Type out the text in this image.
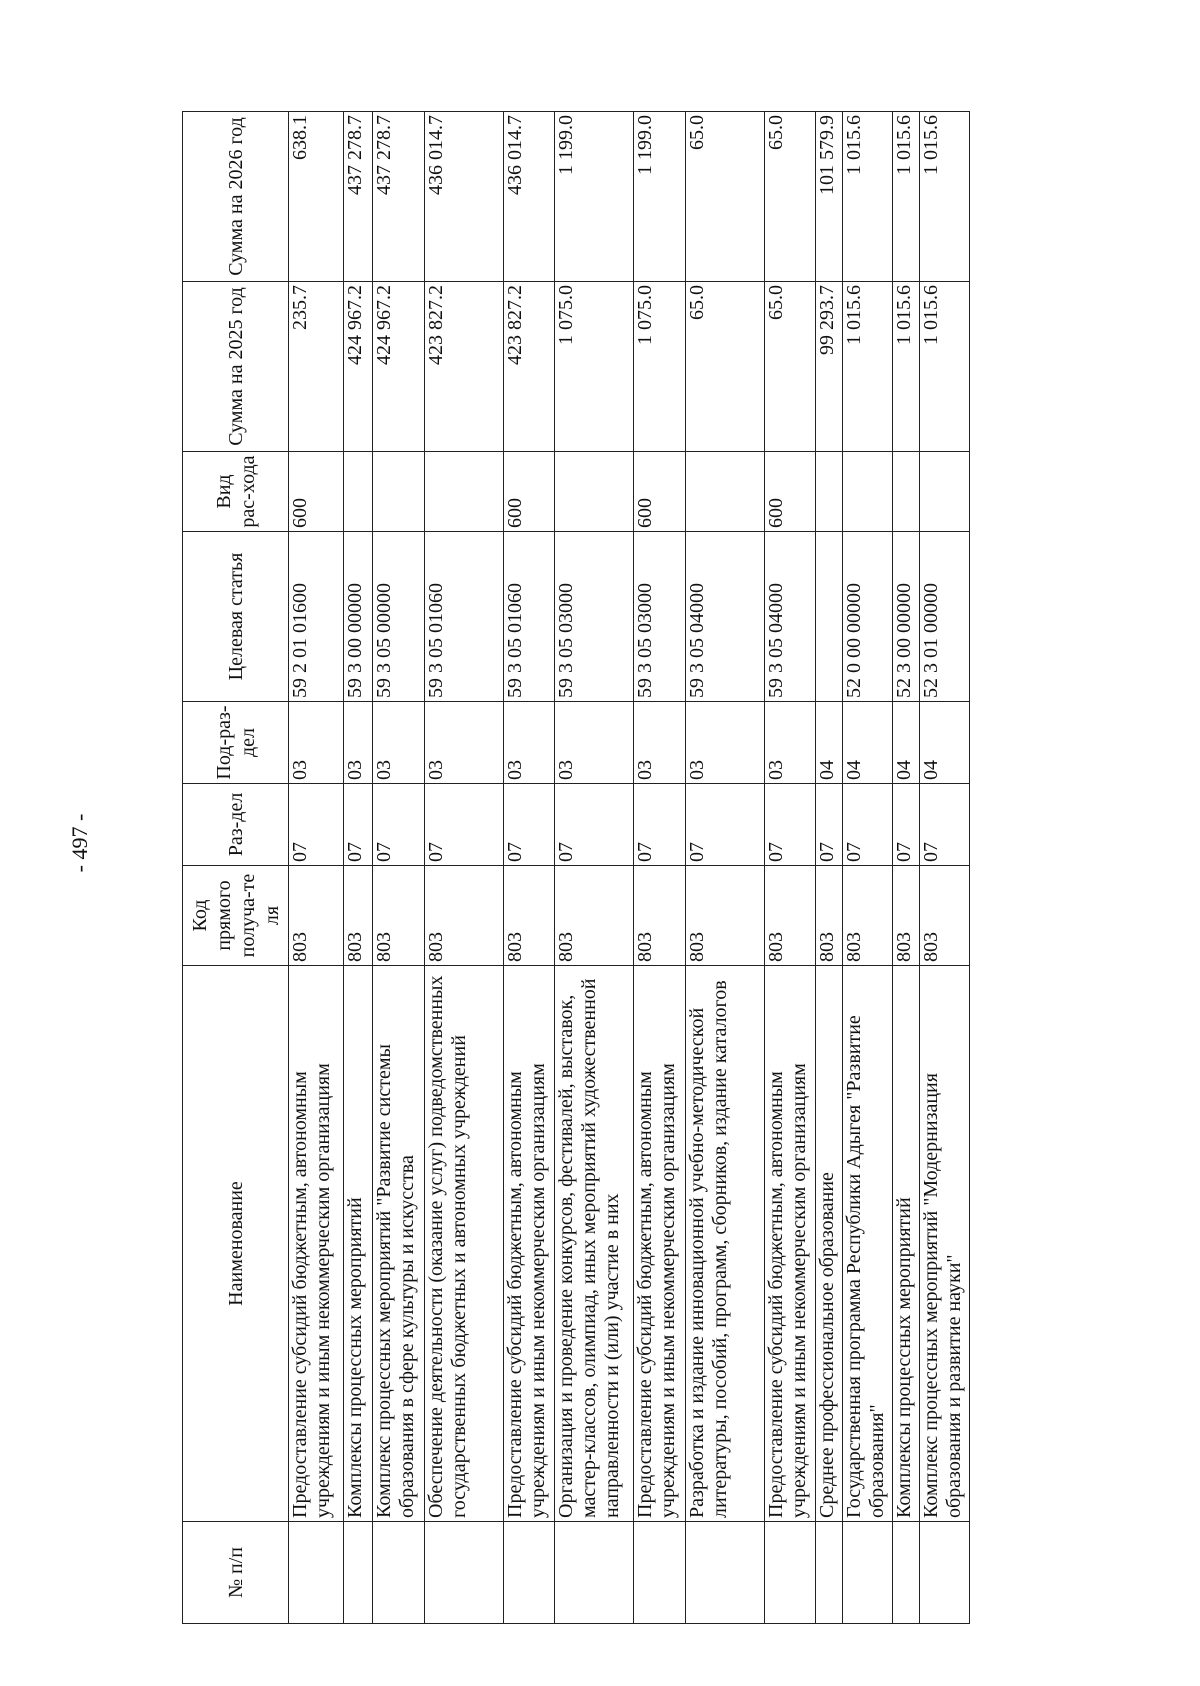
- 497 -
№ п/п	Наименование	Код прямого получа-те ля	Раз-дел	Под-раз-дел	Целевая статья	Вид рас-хода	Сумма на 2025 год	Сумма на 2026 год
	Предоставление субсидий бюджетным, автономным учреждениям и иным некоммерческим организациям	803	07	03	59 2 01 01600	600	235.7	638.1
	Комплексы процессных мероприятий	803	07	03	59 3 00 00000		424 967.2	437 278.7
	Комплекс процессных мероприятий "Развитие системы образования в сфере культуры и искусства	803	07	03	59 3 05 00000		424 967.2	437 278.7
	Обеспечение деятельности (оказание услуг) подведомственных государственных бюджетных и автономных учреждений	803	07	03	59 3 05 01060		423 827.2	436 014.7
	Предоставление субсидий бюджетным, автономным учреждениям и иным некоммерческим организациям	803	07	03	59 3 05 01060	600	423 827.2	436 014.7
	Организация и проведение конкурсов, фестивалей, выставок, мастер-классов, олимпиад, иных мероприятий художественной направленности и (или) участие в них	803	07	03	59 3 05 03000		1 075.0	1 199.0
	Предоставление субсидий бюджетным, автономным учреждениям и иным некоммерческим организациям	803	07	03	59 3 05 03000	600	1 075.0	1 199.0
	Разработка и издание инновационной учебно-методической литературы, пособий, программ, сборников, издание каталогов	803	07	03	59 3 05 04000		65.0	65.0
	Предоставление субсидий бюджетным, автономным учреждениям и иным некоммерческим организациям	803	07	03	59 3 05 04000	600	65.0	65.0
	Среднее профессиональное образование	803	07	04			99 293.7	101 579.9
	Государственная программа Республики Адыгея "Развитие образования"	803	07	04	52 0 00 00000		1 015.6	1 015.6
	Комплексы процессных мероприятий	803	07	04	52 3 00 00000		1 015.6	1 015.6
	Комплекс процессных мероприятий "Модернизация образования и развитие науки"	803	07	04	52 3 01 00000		1 015.6	1 015.6
